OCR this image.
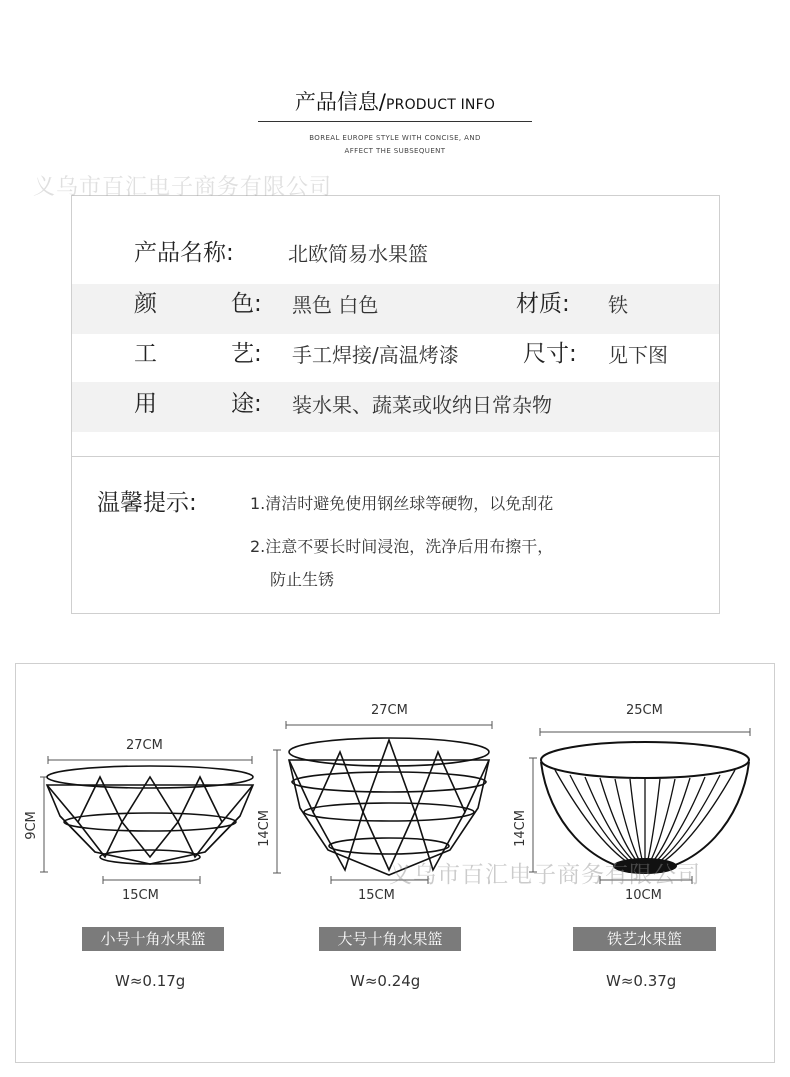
产品信息/PRODUCT INFO
BOREAL EUROPE STYLE WITH CONCISE, AND
AFFECT THE SUBSEQUENT
义乌市百汇电子商务有限公司
产品名称:	北欧简易水果篮
颜	色: 黑色 白色	材质: 铁
工	艺: 手工焊接/高温烤漆	尺寸: 见下图
用	途: 装水果、蔬菜或收纳日常杂物
温馨提示:	1.清洁时避免使用钢丝球等硬物，以免刮花
2.注意不要长时间浸泡，洗净后用布擦干，
防止生锈
义乌市百汇电子商务有限公司
27CM
9CM
15CM
27CM
14CM
15CM
25CM
14CM
10CM
小号十角水果篮	大号十角水果篮	铁艺水果篮
W≈0.17g	W≈0.24g	W≈0.37g
